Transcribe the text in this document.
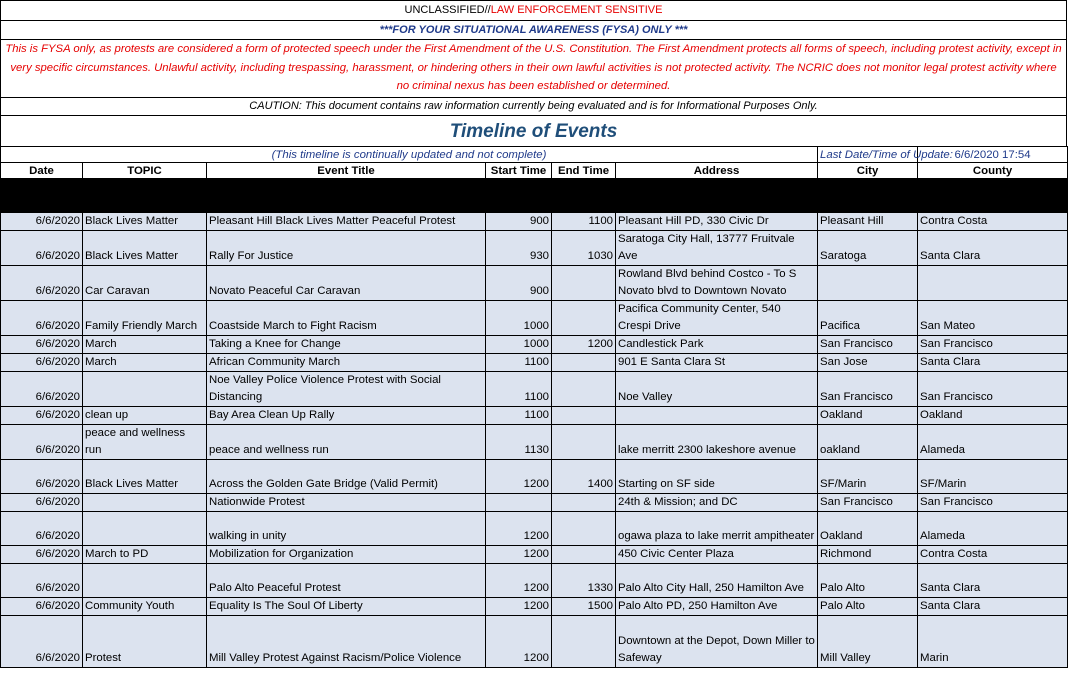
UNCLASSIFIED//LAW ENFORCEMENT SENSITIVE
***FOR YOUR SITUATIONAL AWARENESS (FYSA) ONLY ***
This is FYSA only, as protests are considered a form of protected speech under the First Amendment of the U.S. Constitution. The First Amendment protects all forms of speech, including protest activity, except in very specific circumstances. Unlawful activity, including trespassing, harassment, or hindering others in their own lawful activities is not protected activity. The NCRIC does not monitor legal protest activity where no criminal nexus has been established or determined.
CAUTION: This document contains raw information currently being evaluated and is for Informational Purposes Only.
Timeline of Events
(This timeline is continually updated and not complete)						Last Date/Time of Update:	6/6/2020 17:54
Date	TOPIC	Event Title	Start Time	End Time	Address	City	County

6/6/2020	Black Lives Matter	Pleasant Hill Black Lives Matter Peaceful Protest	900	1100	Pleasant Hill PD, 330 Civic Dr	Pleasant Hill	Contra Costa
6/6/2020	Black Lives Matter	Rally For Justice	930	1030	Saratoga City Hall, 13777 Fruitvale Ave	Saratoga	Santa Clara
6/6/2020	Car Caravan	Novato Peaceful Car Caravan	900		Rowland Blvd behind Costco - To S Novato blvd to Downtown Novato		
6/6/2020	Family Friendly March	Coastside March to Fight Racism	1000		Pacifica Community Center, 540 Crespi Drive	Pacifica	San Mateo
6/6/2020	March	Taking a Knee for Change	1000	1200	Candlestick Park	San Francisco	San Francisco
6/6/2020	March	African Community March	1100		901 E Santa Clara St	San Jose	Santa Clara
6/6/2020		Noe Valley Police Violence Protest with Social Distancing	1100		Noe Valley	San Francisco	San Francisco
6/6/2020	clean up	Bay Area Clean Up Rally	1100			Oakland	Oakland
6/6/2020	peace and wellness run	peace and wellness run	1130		lake merritt 2300 lakeshore avenue	oakland	Alameda
6/6/2020	Black Lives Matter	Across the Golden Gate Bridge (Valid Permit)	1200	1400	Starting on SF side	SF/Marin	SF/Marin
6/6/2020		Nationwide Protest			24th & Mission; and DC	San Francisco	San Francisco
6/6/2020		walking in unity	1200		ogawa plaza to lake merrit ampitheater	Oakland	Alameda
6/6/2020	March to PD	Mobilization for Organization	1200		450 Civic Center Plaza	Richmond	Contra Costa
6/6/2020		Palo Alto Peaceful Protest	1200	1330	Palo Alto City Hall, 250 Hamilton Ave	Palo Alto	Santa Clara
6/6/2020	Community Youth	Equality Is The Soul Of Liberty	1200	1500	Palo Alto PD, 250 Hamilton Ave	Palo Alto	Santa Clara
6/6/2020	Protest	Mill Valley Protest Against Racism/Police Violence	1200		Downtown at the Depot, Down Miller to Safeway	Mill Valley	Marin
